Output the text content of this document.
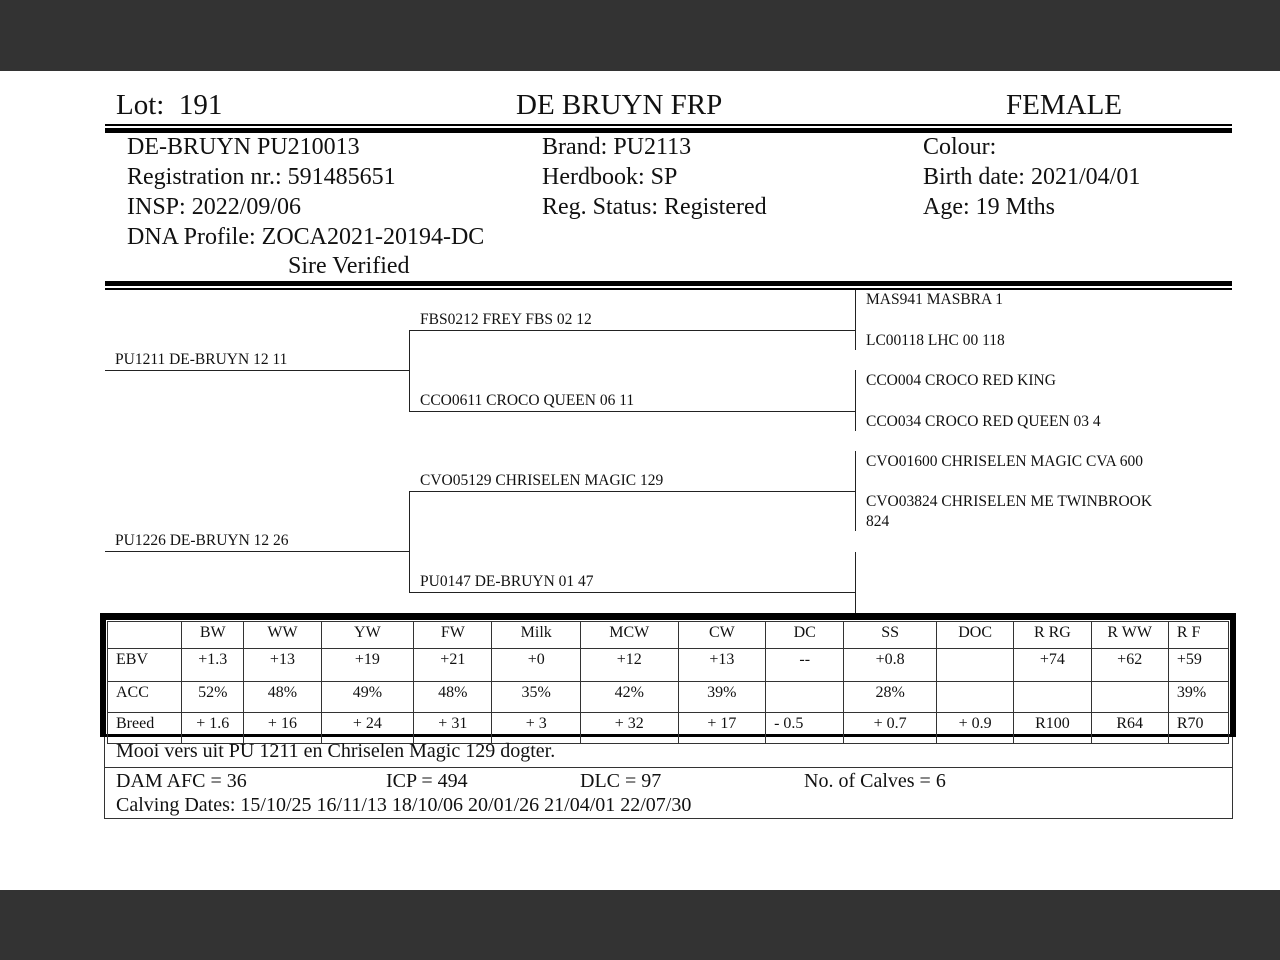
Lot: 191	DE BRUYN FRP	FEMALE
DE-BRUYN PU210013
Registration nr.: 591485651
INSP: 2022/09/06
DNA Profile: ZOCA2021-20194-DC
Sire Verified
Brand: PU2113
Herdbook: SP
Reg. Status: Registered
Colour:
Birth date: 2021/04/01
Age: 19 Mths
PU1211 DE-BRUYN 12 11
PU1226 DE-BRUYN 12 26
FBS0212 FREY FBS 02 12
CCO0611 CROCO QUEEN 06 11
CVO05129 CHRISELEN MAGIC 129
PU0147 DE-BRUYN 01 47
MAS941 MASBRA 1
LC00118 LHC 00 118
CCO004 CROCO RED KING
CCO034 CROCO RED QUEEN 03 4
CVO01600 CHRISELEN MAGIC CVA 600
CVO03824 CHRISELEN ME TWINBROOK
824
	BW	WW	YW	FW	Milk	MCW	CW	DC	SS	DOC	R RG	R WW	R F
EBV	+1.3	+13	+19	+21	+0	+12	+13	--	+0.8		+74	+62	+59
ACC	52%	48%	49%	48%	35%	42%	39%		28%				39%
Breed	+ 1.6	+ 16	+ 24	+ 31	+ 3	+ 32	+ 17	- 0.5	+ 0.7	+ 0.9	R100	R64	R70
Mooi vers uit PU 1211 en Chriselen Magic 129 dogter.
DAM AFC = 36	ICP = 494	DLC = 97	No. of Calves = 6
Calving Dates: 15/10/25 16/11/13 18/10/06 20/01/26 21/04/01 22/07/30
